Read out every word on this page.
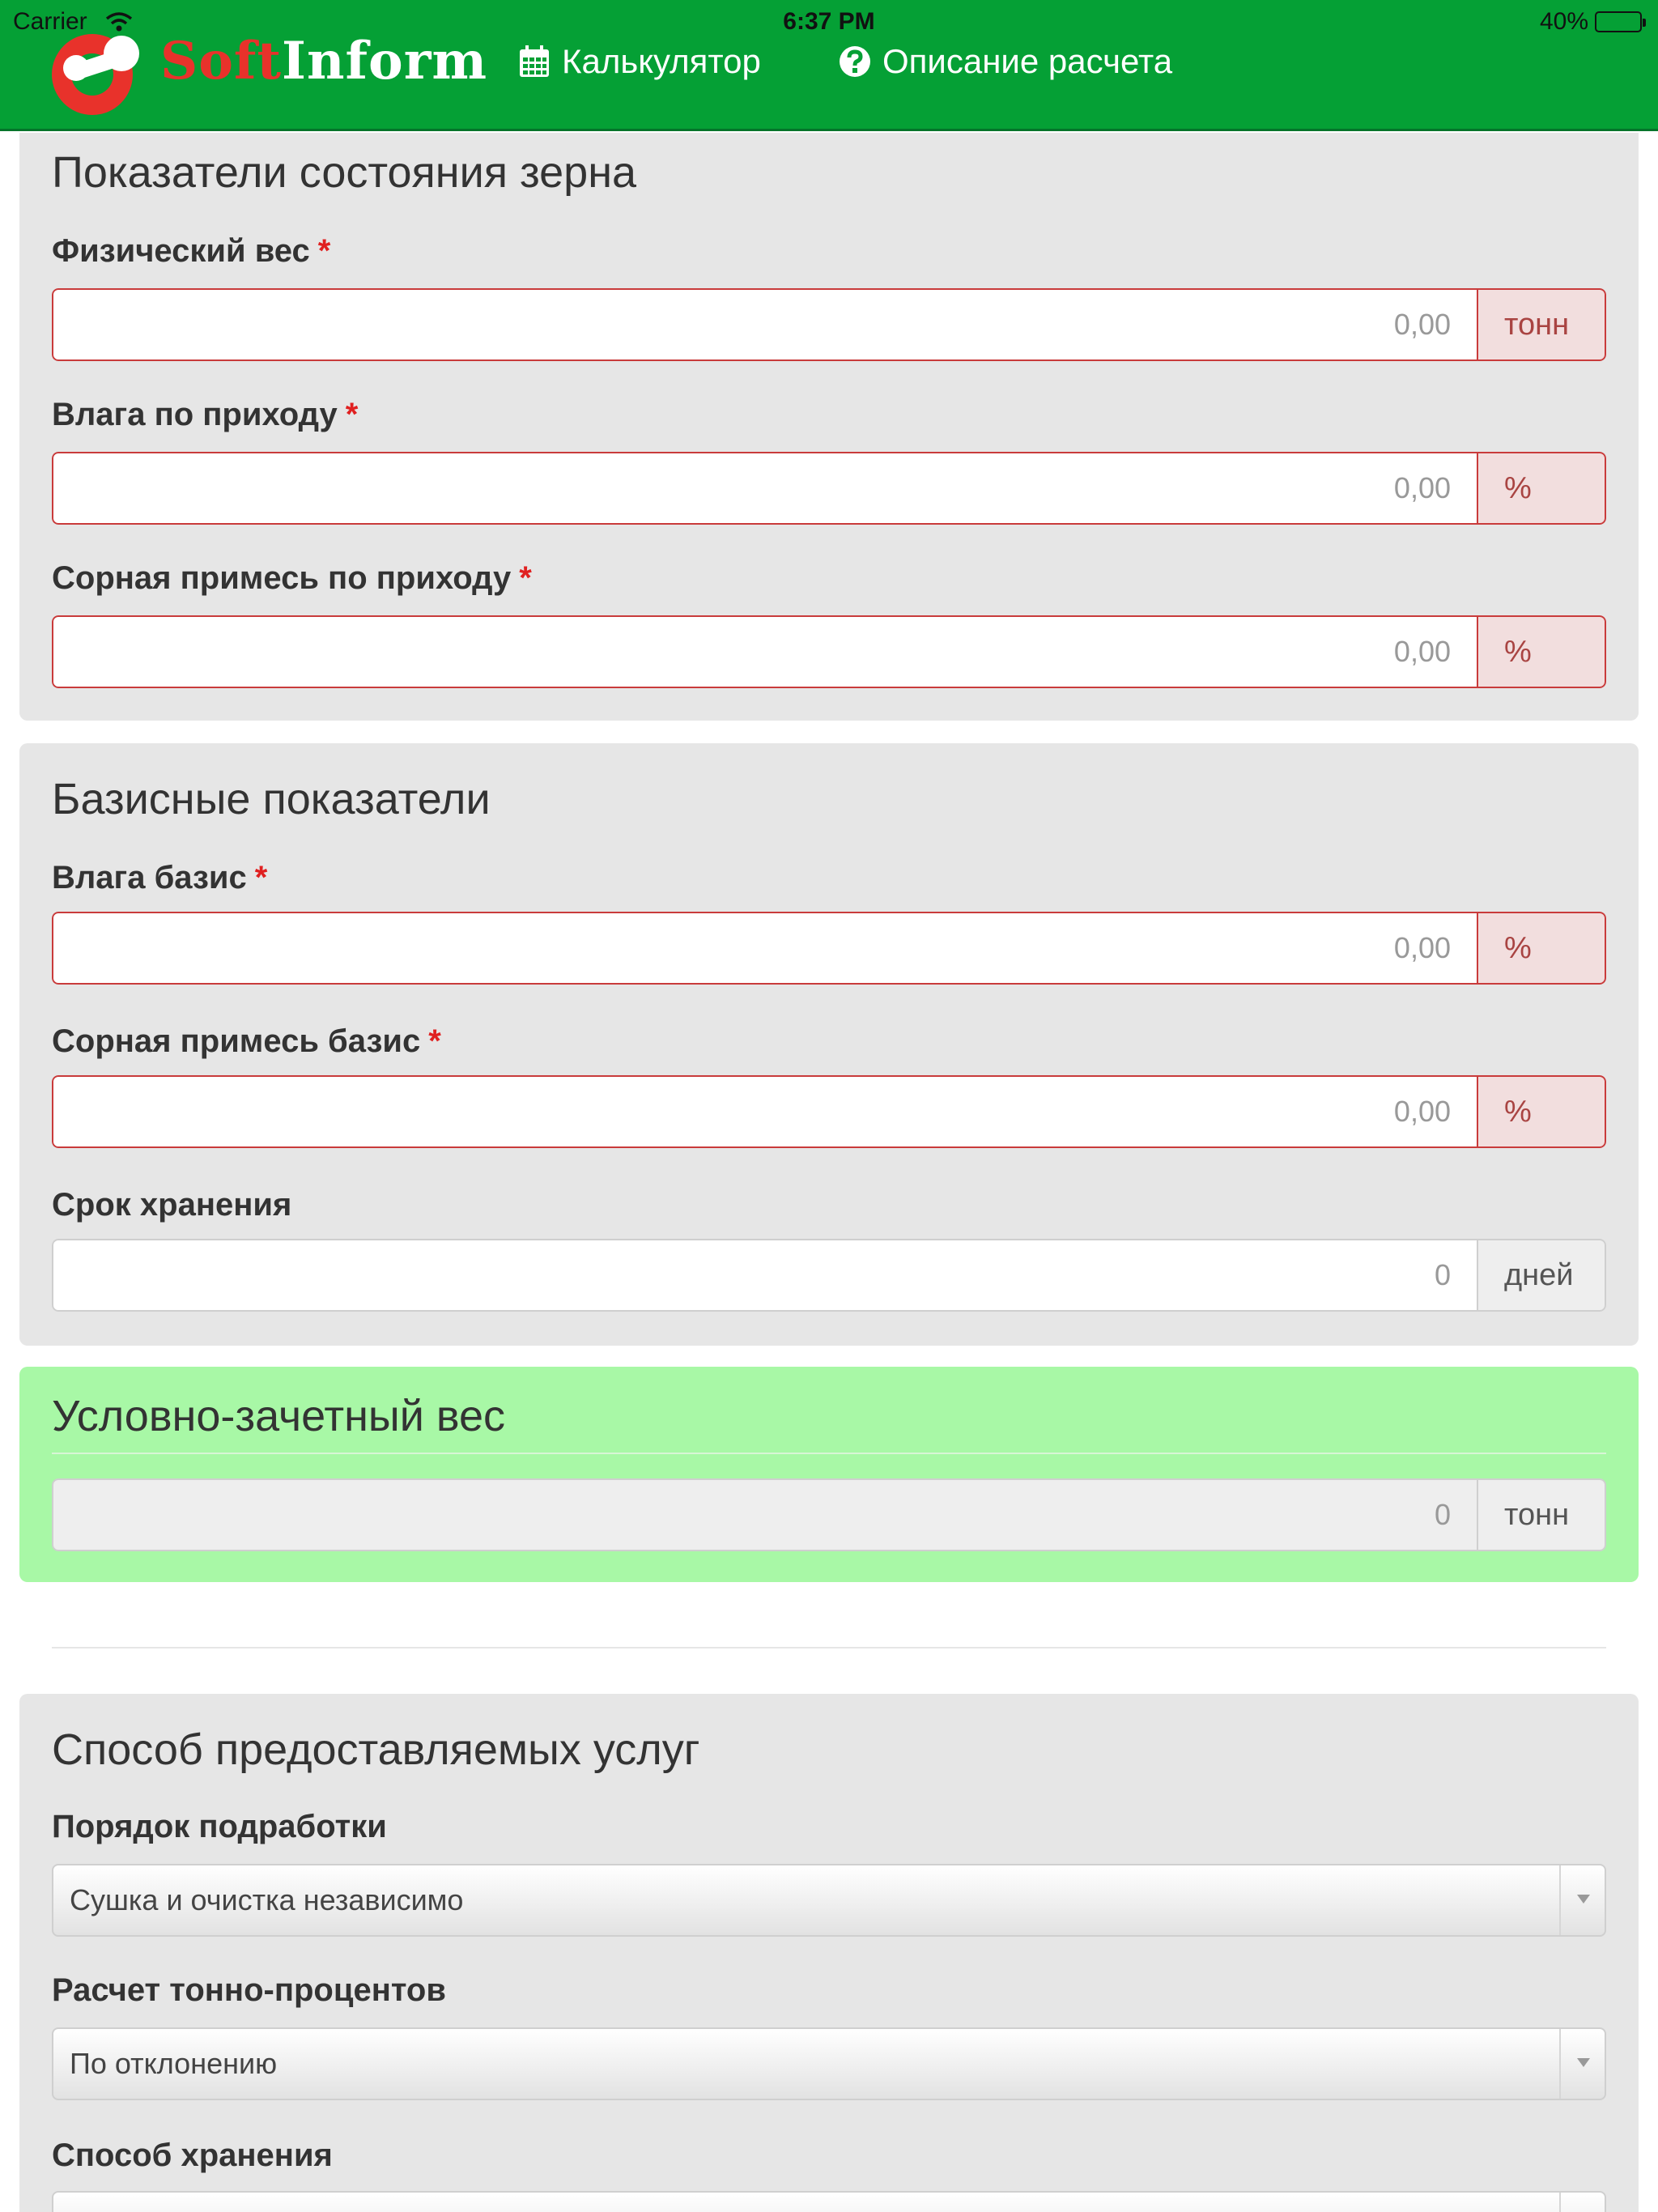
Carrier	6:37 PM	40%
SoftInform Калькулятор	Описание расчета
Показатели состояния зерна
Физический вес *
0,00	тонн
Влага по приходу *
0,00	%
Сорная примесь по приходу *
0,00	%
Базисные показатели
Влага базис *
0,00	%
Сорная примесь базис *
0,00	%
Срок хранения
0	дней
Условно-зачетный вес
0	тонн
Способ предоставляемых услуг
Порядок подработки
Сушка и очистка независимо
Расчет тонно-процентов
По отклонению
Способ хранения
